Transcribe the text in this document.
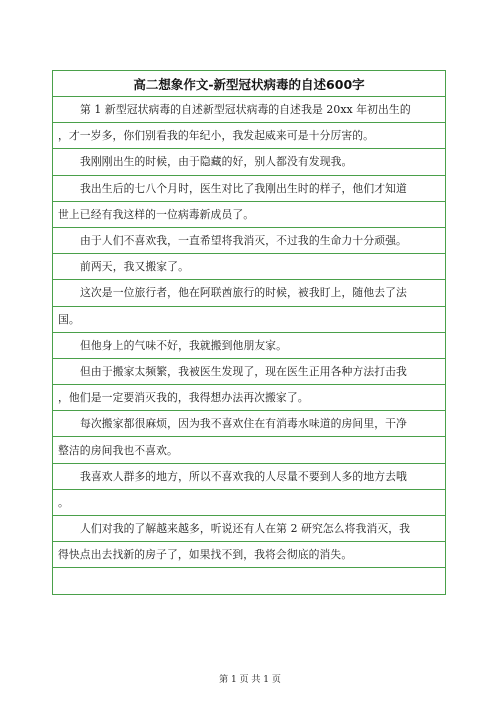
高二想象作文-新型冠状病毒的自述600字
第 1 新型冠状病毒的自述新型冠状病毒的自述我是 20xx 年初出生的
，才一岁多，你们别看我的年纪小，我发起威来可是十分厉害的。
我刚刚出生的时候，由于隐藏的好，别人都没有发现我。
我出生后的七八个月时，医生对比了我刚出生时的样子，他们才知道
世上已经有我这样的一位病毒新成员了。
由于人们不喜欢我，一直希望将我消灭，不过我的生命力十分顽强。
前两天，我又搬家了。
这次是一位旅行者，他在阿联酋旅行的时候，被我盯上，随他去了法
国。
但他身上的气味不好，我就搬到他朋友家。
但由于搬家太频繁，我被医生发现了，现在医生正用各种方法打击我
，他们是一定要消灭我的，我得想办法再次搬家了。
每次搬家都很麻烦，因为我不喜欢住在有消毒水味道的房间里，干净
整洁的房间我也不喜欢。
我喜欢人群多的地方，所以不喜欢我的人尽量不要到人多的地方去哦
。
人们对我的了解越来越多，听说还有人在第 2 研究怎么将我消灭，我
得快点出去找新的房子了，如果找不到，我将会彻底的消失。
第 1 页 共 1 页
